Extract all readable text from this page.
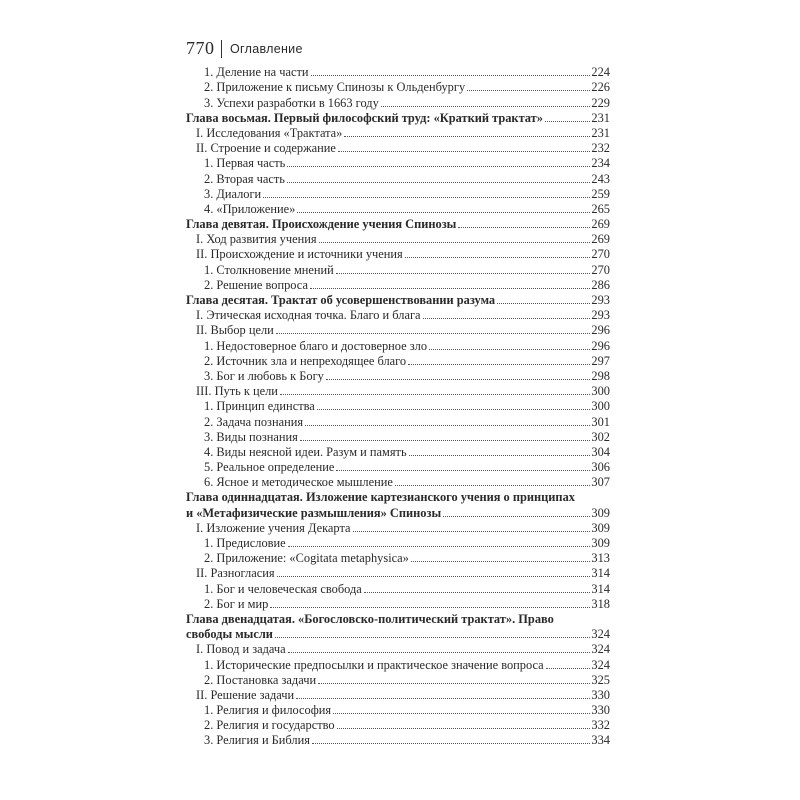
770 Оглавление
1. Деление на части	224
2. Приложение к письму Спинозы к Ольденбургу	226
3. Успехи разработки в 1663 году	229
Глава восьмая. Первый философский труд: «Краткий трактат»	231
I. Исследования «Трактата»	231
II. Строение и содержание	232
1. Первая часть	234
2. Вторая часть	243
3. Диалоги	259
4. «Приложение»	265
Глава девятая. Происхождение учения Спинозы	269
I. Ход развития учения	269
II. Происхождение и источники учения	270
1. Столкновение мнений	270
2. Решение вопроса	286
Глава десятая. Трактат об усовершенствовании разума	293
I. Этическая исходная точка. Благо и блага	293
II. Выбор цели	296
1. Недостоверное благо и достоверное зло	296
2. Источник зла и непреходящее благо	297
3. Бог и любовь к Богу	298
III. Путь к цели	300
1. Принцип единства	300
2. Задача познания	301
3. Виды познания	302
4. Виды неясной идеи. Разум и память	304
5. Реальное определение	306
6. Ясное и методическое мышление	307
Глава одиннадцатая. Изложение картезианского учения о принципах
и «Метафизические размышления» Спинозы	309
I. Изложение учения Декарта	309
1. Предисловие	309
2. Приложение: «Cogitata metaphysica»	313
II. Разногласия	314
1. Бог и человеческая свобода	314
2. Бог и мир	318
Глава двенадцатая. «Богословско-политический трактат». Право
свободы мысли	324
I. Повод и задача	324
1. Исторические предпосылки и практическое значение вопроса	324
2. Постановка задачи	325
II. Решение задачи	330
1. Религия и философия	330
2. Религия и государство	332
3. Религия и Библия	334
